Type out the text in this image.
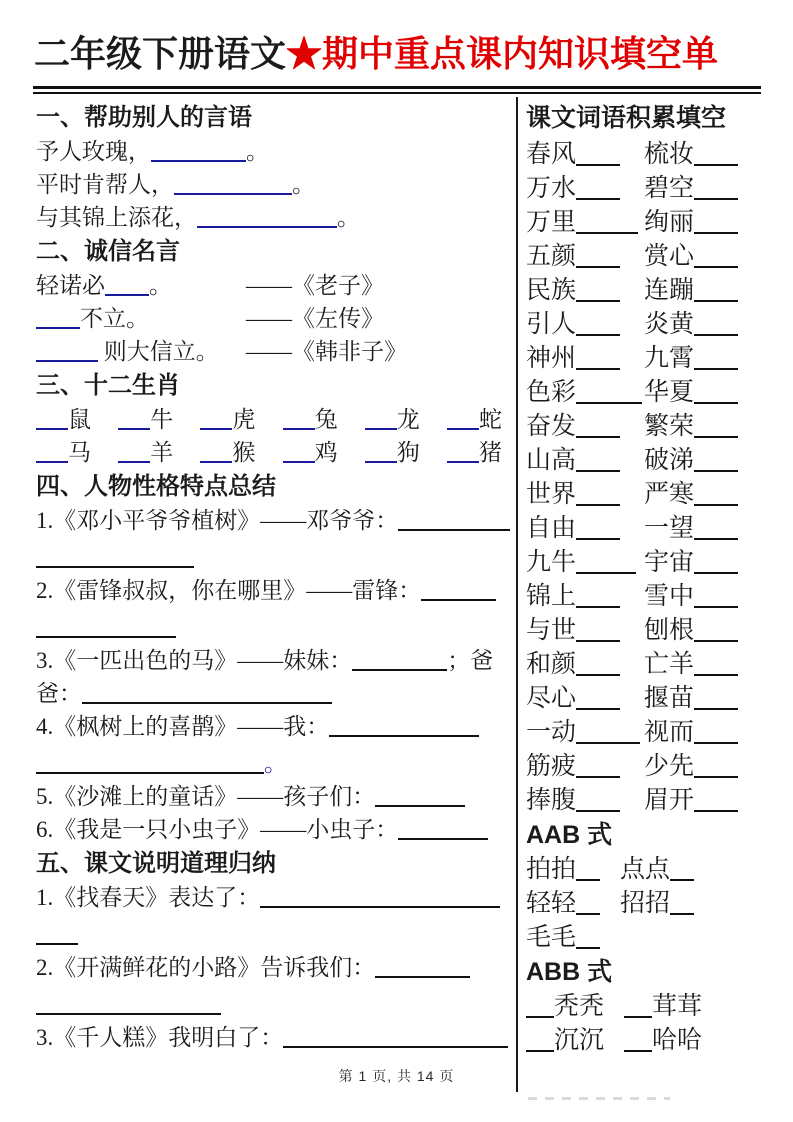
二年级下册语文★期中重点课内知识填空单
一、帮助别人的言语
予人玫瑰，	。
平时肯帮人，	。
与其锦上添花，	。
二、诚信名言
轻诺必 。	——《老子》
不立。	——《左传》
则大信立。	——《韩非子》
三、十二生肖
鼠	牛	虎	兔	龙	蛇
马	羊	猴	鸡	狗	猪
四、人物性格特点总结
1.《邓小平爷爷植树》——邓爷爷：
2.《雷锋叔叔，你在哪里》——雷锋：
3.《一匹出色的马》——妹妹：	；爸
爸：
4.《枫树上的喜鹊》——我：
。
5.《沙滩上的童话》——孩子们：
6.《我是一只小虫子》——小虫子：
五、课文说明道理归纳
1.《找春天》表达了：
2.《开满鲜花的小路》告诉我们：
3.《千人糕》我明白了：
课文词语积累填空
春风	梳妆
万水	碧空
万里	绚丽
五颜	赏心
民族	连蹦
引人	炎黄
神州	九霄
色彩	华夏
奋发	繁荣
山高	破涕
世界	严寒
自由	一望
九牛	宇宙
锦上	雪中
与世	刨根
和颜	亡羊
尽心	揠苗
一动	视而
筋疲	少先
捧腹	眉开
AAB 式
拍拍	点点
轻轻	招招
毛毛
ABB 式
秃秃	茸茸
沉沉	哈哈
第 1 页, 共 14 页
